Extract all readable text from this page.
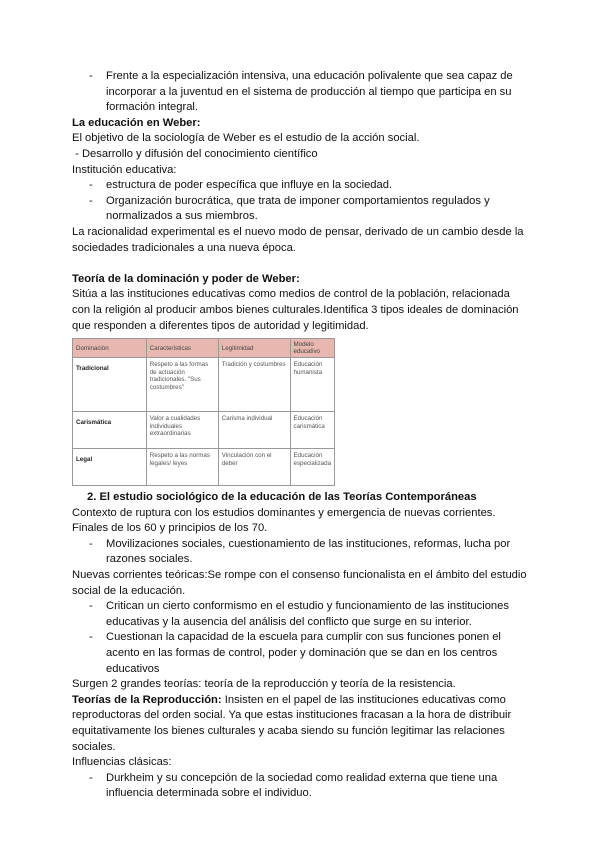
- Frente a la especialización intensiva, una educación polivalente que sea capaz de incorporar a la juventud en el sistema de producción al tiempo que participa en su formación integral.

La educación en Weber:

El objetivo de la sociología de Weber es el estudio de la acción social.

- Desarrollo y difusión del conocimiento científico

Institución educativa:

- estructura de poder específica que influye en la sociedad.
- Organización burocrática, que trata de imponer comportamientos regulados y normalizados a sus miembros.

La racionalidad experimental es el nuevo modo de pensar, derivado de un cambio desde la sociedades tradicionales a una nueva época.

Teoría de la dominación y poder de Weber:

Sitúa a las instituciones educativas como medios de control de la población, relacionada con la religión al producir ambos bienes culturales.Identifica 3 tipos ideales de dominación que responden a diferentes tipos de autoridad y legitimidad.

Dominación	Características	Legitimidad	Modelo educativo
Tradicional	Respeto a las formas de actuación tradicionales. "Sus costumbres"	Tradición y costumbres	Educación humanista
Carismática	Valor a cualidades individuales extraordinarias	Carisma individual	Educación carismática
Legal	Respeto a las normas legales/ leyes	Vinculación con el deber	Educación especializada

2. El estudio sociológico de la educación de las Teorías Contemporáneas

Contexto de ruptura con los estudios dominantes y emergencia de nuevas corrientes.

Finales de los 60 y principios de los 70.

- Movilizaciones sociales, cuestionamiento de las instituciones, reformas, lucha por razones sociales.

Nuevas corrientes teóricas:Se rompe con el consenso funcionalista en el ámbito del estudio social de la educación.

- Critican un cierto conformismo en el estudio y funcionamiento de las instituciones educativas y la ausencia del análisis del conflicto que surge en su interior.
- Cuestionan la capacidad de la escuela para cumplir con sus funciones ponen el acento en las formas de control, poder y dominación que se dan en los centros educativos

Surgen 2 grandes teorías: teoría de la reproducción y teoría de la resistencia.

Teorías de la Reproducción: Insisten en el papel de las instituciones educativas como reproductoras del orden social. Ya que estas instituciones fracasan a la hora de distribuir equitativamente los bienes culturales y acaba siendo su función legitimar las relaciones sociales.

Influencias clásicas:

- Durkheim y su concepción de la sociedad como realidad externa que tiene una influencia determinada sobre el individuo.
